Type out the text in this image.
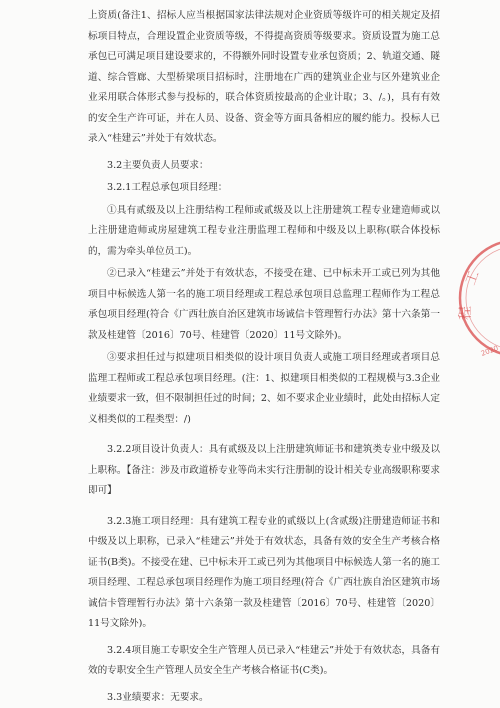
上资质(备注1、招标人应当根据国家法律法规对企业资质等级许可的相关规定及招标项目特点，合理设置企业资质等级，不得提高资质等级要求。资质设置为施工总承包已可满足项目建设要求的，不得额外同时设置专业承包资质；2、轨道交通、隧道、综合管廊、大型桥梁项目招标时，注册地在广西的建筑业企业与区外建筑业企业采用联合体形式参与投标的，联合体资质按最高的企业计取；3、/。)，具有有效的安全生产许可证，并在人员、设备、资金等方面具备相应的履约能力。投标人已录入“桂建云”并处于有效状态。

3.2主要负责人员要求：

3.2.1工程总承包项目经理：

①具有贰级及以上注册结构工程师或贰级及以上注册建筑工程专业建造师或以上注册建造师或房屋建筑工程专业注册监理工程师和中级及以上职称(联合体投标的，需为牵头单位员工)。

②已录入“桂建云”并处于有效状态，不接受在建、已中标未开工或已列为其他项目中标候选人第一名的施工项目经理或工程总承包项目总监理工程师作为工程总承包项目经理(符合《广西壮族自治区建筑市场诚信卡管理暂行办法》第十六条第一款及桂建管〔2016〕70号、桂建管〔2020〕11号文除外)。

③要求担任过与拟建项目相类似的设计项目负责人或施工项目经理或者项目总监理工程师或工程总承包项目经理。(注：1、拟建项目相类似的工程规模与3.3企业业绩要求一致，但不限制担任过的时间；2、如不要求企业业绩时，此处由招标人定义相类似的工程类型：/)

3.2.2项目设计负责人：具有贰级及以上注册建筑师证书和建筑类专业中级及以上职称。【备注：涉及市政道桥专业等尚未实行注册制的设计相关专业高级职称要求即可】

3.2.3施工项目经理：具有建筑工程专业的贰级以上(含贰级)注册建造师证书和中级及以上职称，已录入“桂建云”并处于有效状态，具备有效的安全生产考核合格证书(B类)。不接受在建、已中标未开工或已列为其他项目中标候选人第一名的施工项目经理、工程总承包项目经理作为施工项目经理(符合《广西壮族自治区建筑市场诚信卡管理暂行办法》第十六条第一款及桂建管〔2016〕70号、桂建管〔2020〕11号文除外)。

3.2.4项目施工专职安全生产管理人员已录入“桂建云”并处于有效状态，具备有效的专职安全生产管理人员安全生产考核合格证书(C类)。

3.3业绩要求：无要求。

工
程
2020
